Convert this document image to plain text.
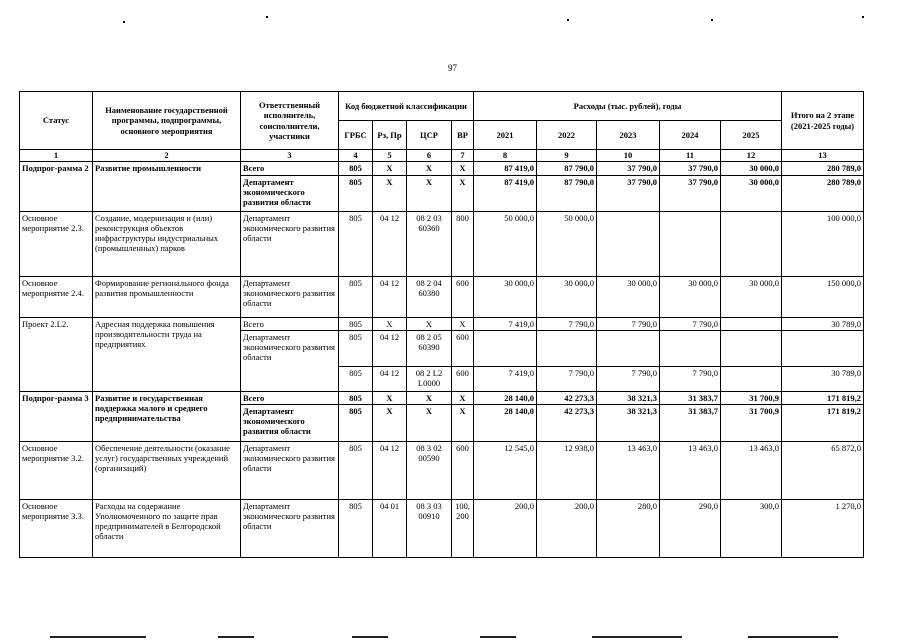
97
Статус	Наименование государственной программы, подпрограммы, основного мероприятия	Ответственный исполнитель, соисполнители, участники	Код бюджетной классификации				Расходы (тыс. рублей), годы					Итого на 2 этапе (2021-2025 годы)
			ГРБС	Рз, Пр	ЦСР	ВР	2021	2022	2023	2024	2025	
1	2	3	4	5	6	7	8	9	10	11	12	13
Подпрог-рамма 2	Развитие промышленности	Всего	805	Х	Х	Х	87 419,0	87 790,0	37 790,0	37 790,0	30 000,0	280 789,0
		Департамент экономического развития области	805	Х	Х	Х	87 419,0	87 790,0	37 790,0	37 790,0	30 000,0	280 789,0
Основное мероприятие 2.3.	Создание, модернизация и (или) реконструкция объектов инфраструктуры индустриальных (промышленных) парков	Департамент экономического развития области	805	04 12	08 2 03 60360	800	50 000,0	50 000,0				100 000,0
Основное мероприятие 2.4.	Формирование регионального фонда развития промышленности	Департамент экономического развития области	805	04 12	08 2 04 60380	600	30 000,0	30 000,0	30 000,0	30 000,0	30 000,0	150 000,0
Проект 2.L2.	Адресная поддержка повышения производительности труда на предприятиях	Всего	805	Х	Х	Х	7 419,0	7 790,0	7 790,0	7 790,0		30 789,0
		Департамент экономического развития области	805	04 12	08 2 05 60390	600						
			805	04 12	08 2 L2 L0000	600	7 419,0	7 790,0	7 790,0	7 790,0		30 789,0
Подпрог-рамма 3	Развитие и государственная поддержка малого и среднего предпринимательства	Всего	805	Х	Х	Х	28 140,0	42 273,3	38 321,3	31 383,7	31 700,9	171 819,2
		Департамент экономического развития области	805	Х	Х	Х	28 140,0	42 273,3	38 321,3	31 383,7	31 700,9	171 819,2
Основное мероприятие 3.2.	Обеспечение деятельности (оказание услуг) государственных учреждений (организаций)	Департамент экономического развития области	805	04 12	08 3 02 00590	600	12 545,0	12 938,0	13 463,0	13 463,0	13 463,0	65 872,0
Основное мероприятие 3.3.	Расходы на содержание Уполномоченного по защите прав предпринимателей в Белгородской области	Департамент экономического развития области	805	04 01	08 3 03 00910	100, 200	200,0	200,0	280,0	290,0	300,0	1 270,0
